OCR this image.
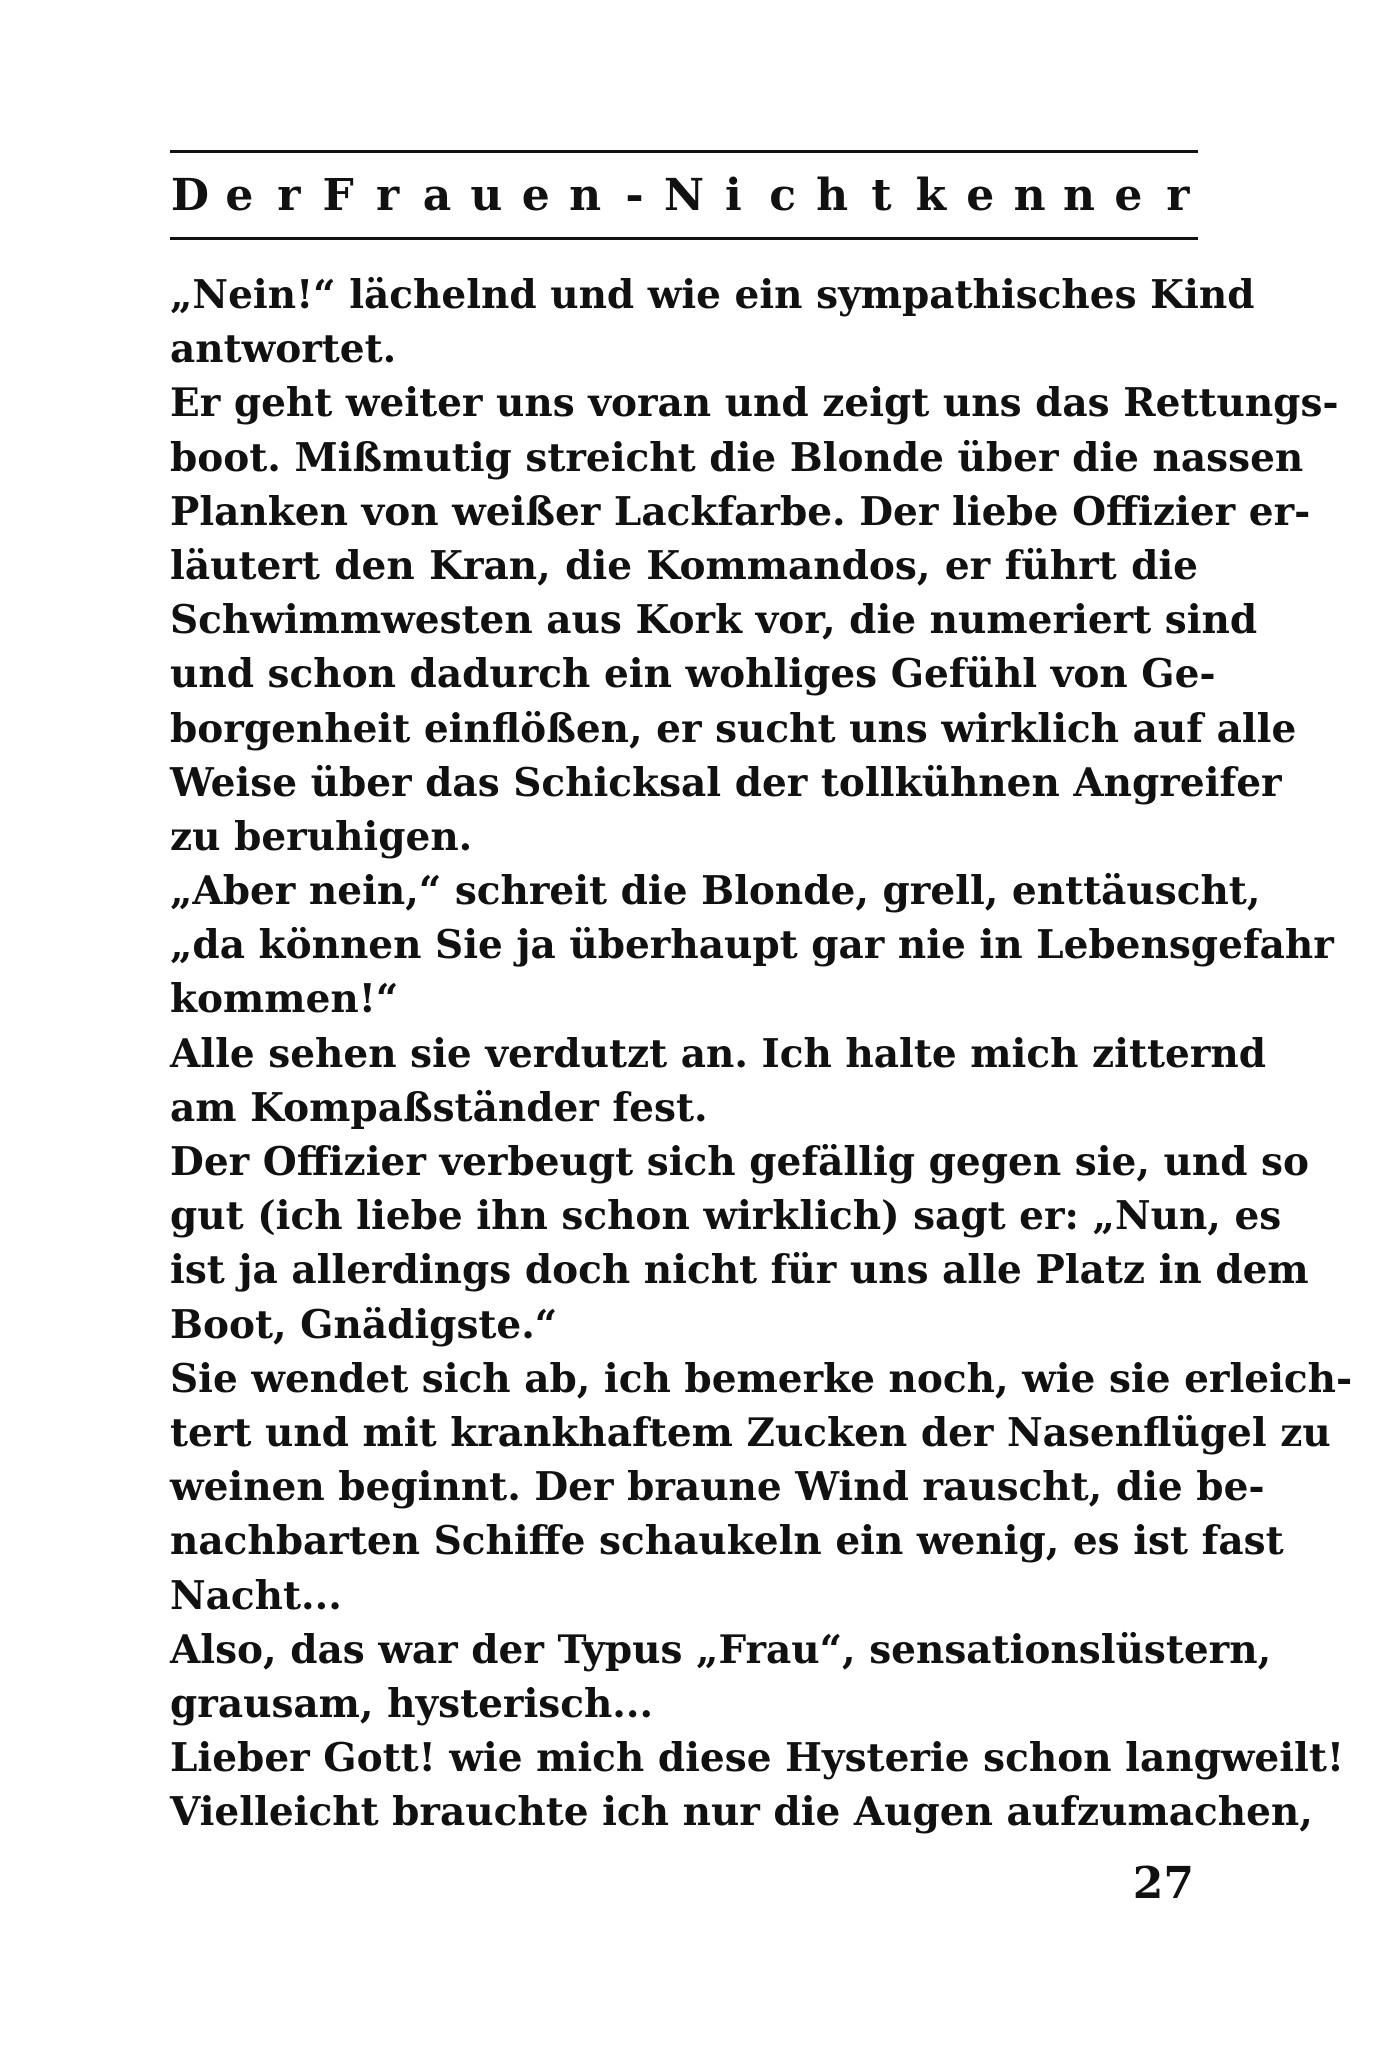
D e r F r a u e n - N i c h t k e n n e r
„Nein!“ lächelnd und wie ein sympathisches Kind
antwortet.
Er geht weiter uns voran und zeigt uns das Rettungs-
boot. Mißmutig streicht die Blonde über die nassen
Planken von weißer Lackfarbe. Der liebe Offizier er-
läutert den Kran, die Kommandos, er führt die
Schwimmwesten aus Kork vor, die numeriert sind
und schon dadurch ein wohliges Gefühl von Ge-
borgenheit einflößen, er sucht uns wirklich auf alle
Weise über das Schicksal der tollkühnen Angreifer
zu beruhigen.
„Aber nein,“ schreit die Blonde, grell, enttäuscht,
„da können Sie ja überhaupt gar nie in Lebensgefahr
kommen!“
Alle sehen sie verdutzt an. Ich halte mich zitternd
am Kompaßständer fest.
Der Offizier verbeugt sich gefällig gegen sie, und so
gut (ich liebe ihn schon wirklich) sagt er: „Nun, es
ist ja allerdings doch nicht für uns alle Platz in dem
Boot, Gnädigste.“
Sie wendet sich ab, ich bemerke noch, wie sie erleich-
tert und mit krankhaftem Zucken der Nasenflügel zu
weinen beginnt. Der braune Wind rauscht, die be-
nachbarten Schiffe schaukeln ein wenig, es ist fast
Nacht...
Also, das war der Typus „Frau“, sensationslüstern,
grausam, hysterisch...
Lieber Gott! wie mich diese Hysterie schon langweilt!
Vielleicht brauchte ich nur die Augen aufzumachen,
27
